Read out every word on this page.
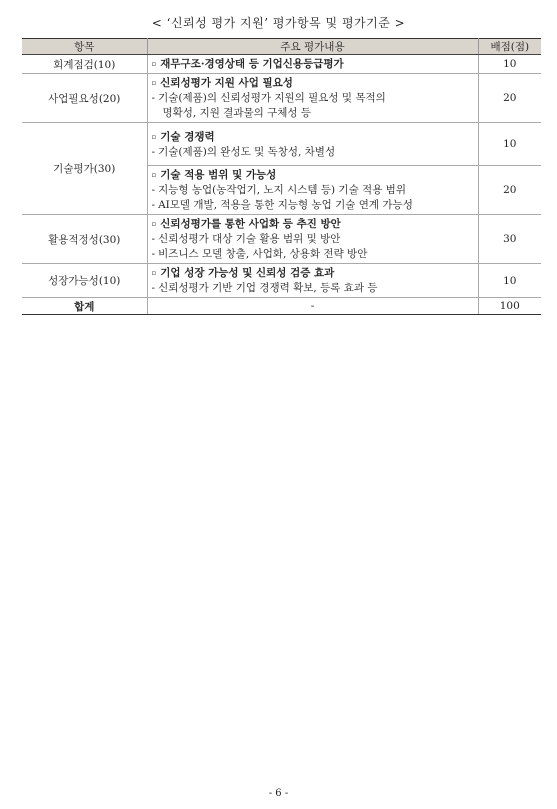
< ‘신뢰성 평가 지원’ 평가항목 및 평가기준 >
항목	주요 평가내용	배점(점)
회계점검(10)	▫ 재무구조·경영상태 등 기업신용등급평가	10
사업필요성(20)	▫ 신뢰성평가 지원 사업 필요성
- 기술(제품)의 신뢰성평가 지원의 필요성 및 목적의
명확성, 지원 결과물의 구체성 등	20
기술평가(30)	▫ 기술 경쟁력
- 기술(제품)의 완성도 및 독창성, 차별성	10

	▫ 기술 적용 범위 및 가능성
- 지능형 농업(농작업기, 노지 시스템 등) 기술 적용 범위
- AI모델 개발, 적용을 통한 지능형 농업 기술 연계 가능성	20
활용적정성(30)	▫ 신뢰성평가를 통한 사업화 등 추진 방안
- 신뢰성평가 대상 기술 활용 범위 및 방안
- 비즈니스 모델 창출, 사업화, 상용화 전략 방안	30
성장가능성(10)	▫ 기업 성장 가능성 및 신뢰성 검증 효과
- 신뢰성평가 기반 기업 경쟁력 확보, 등록 효과 등	10
합계	-	100
- 6 -
